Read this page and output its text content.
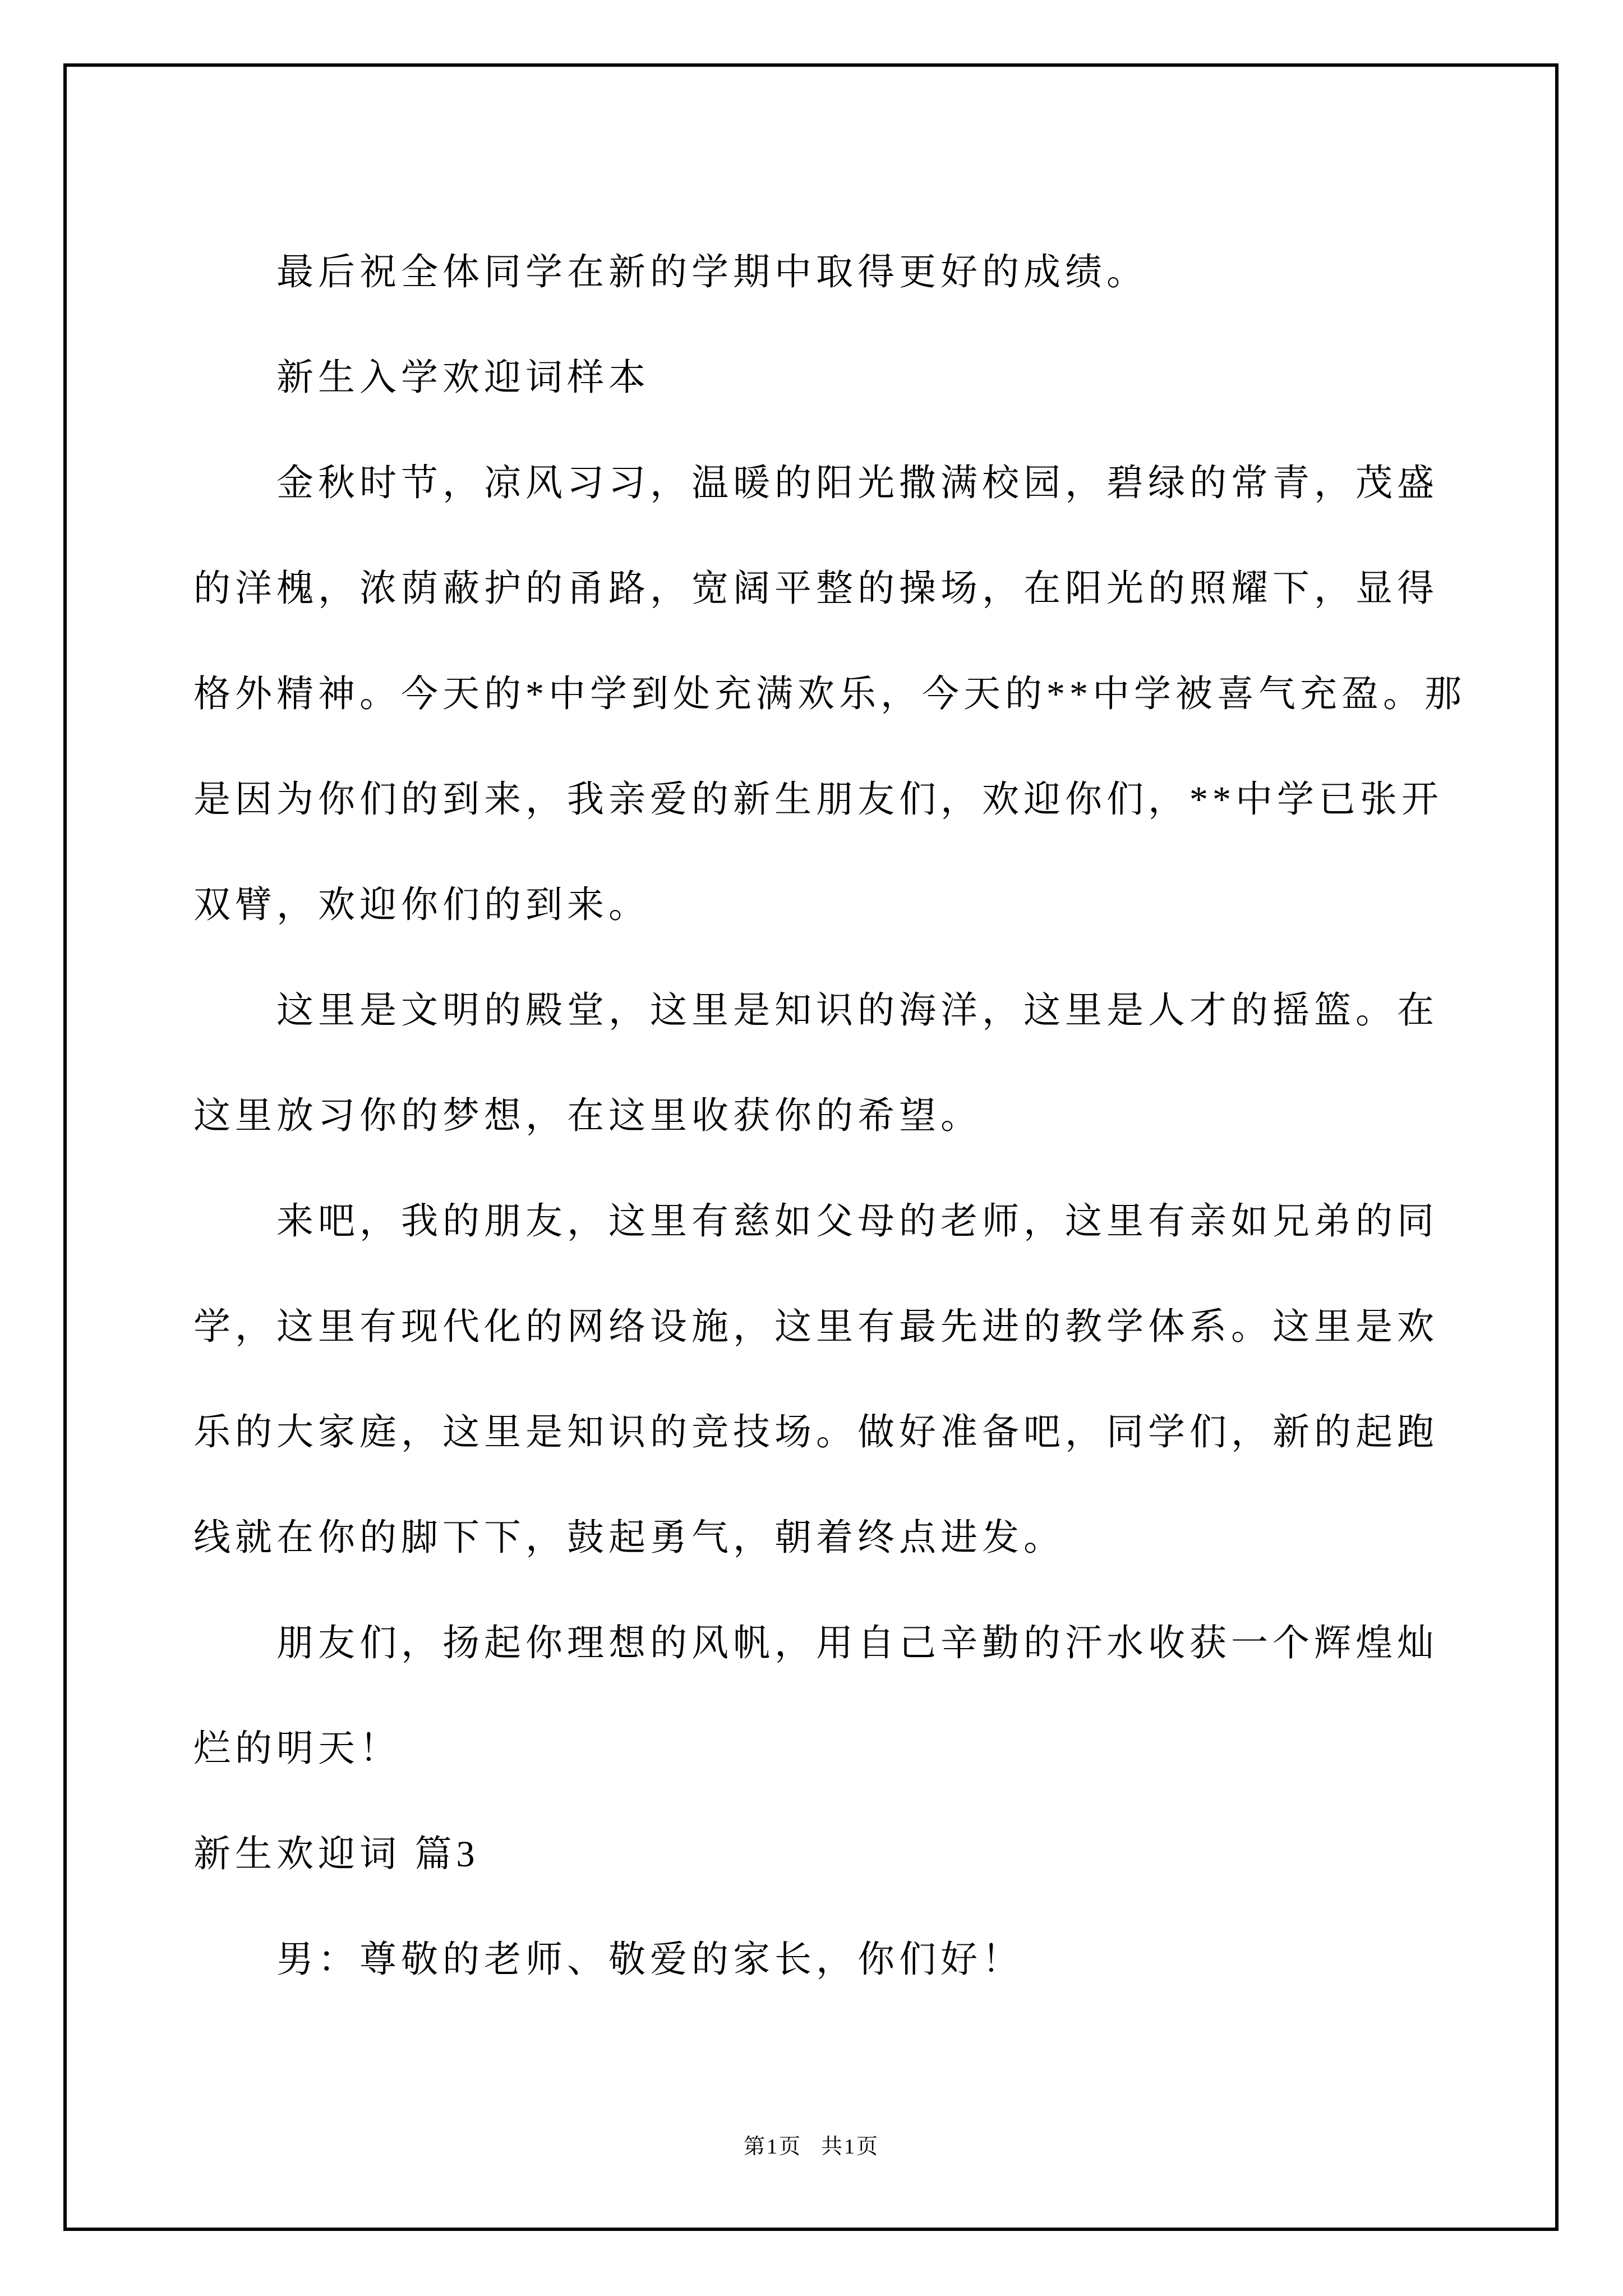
最后祝全体同学在新的学期中取得更好的成绩。
新生入学欢迎词样本
金秋时节，凉风习习，温暖的阳光撒满校园，碧绿的常青，茂盛
的洋槐，浓荫蔽护的甬路，宽阔平整的操场，在阳光的照耀下，显得
格外精神。今天的*中学到处充满欢乐，今天的**中学被喜气充盈。那
是因为你们的到来，我亲爱的新生朋友们，欢迎你们，**中学已张开
双臂，欢迎你们的到来。
这里是文明的殿堂，这里是知识的海洋，这里是人才的摇篮。在
这里放习你的梦想，在这里收获你的希望。
来吧，我的朋友，这里有慈如父母的老师，这里有亲如兄弟的同
学，这里有现代化的网络设施，这里有最先进的教学体系。这里是欢
乐的大家庭，这里是知识的竞技场。做好准备吧，同学们，新的起跑
线就在你的脚下下，鼓起勇气，朝着终点进发。
朋友们，扬起你理想的风帆，用自己辛勤的汗水收获一个辉煌灿
烂的明天！
新生欢迎词 篇3
男：尊敬的老师、敬爱的家长，你们好！
第1页 共1页
